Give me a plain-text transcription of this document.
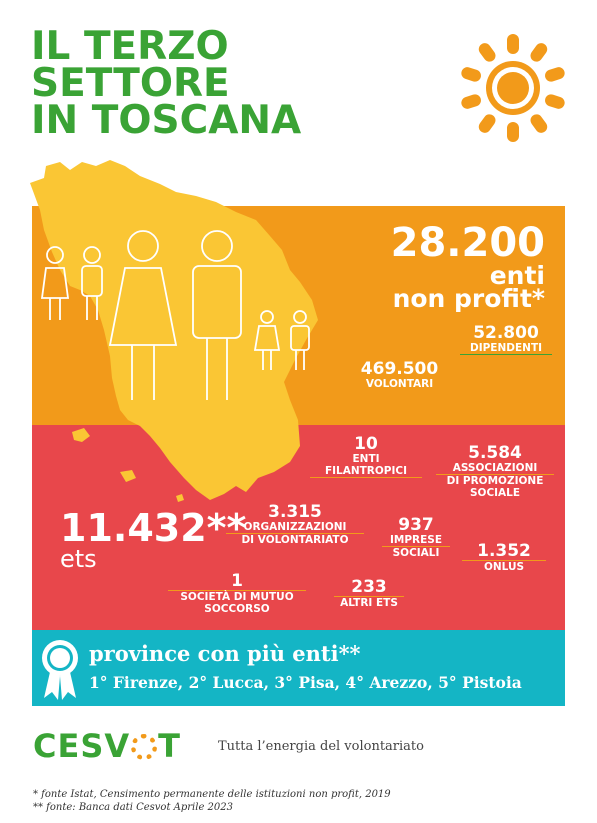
IL TERZO
SETTORE
IN TOSCANA
28.200
enti
non profit*
52.800
DIPENDENTI
469.500
VOLONTARI
10
ENTI
FILANTROPICI
5.584
ASSOCIAZIONI
DI PROMOZIONE
SOCIALE
11.432**
ets
3.315
ORGANIZZAZIONI
DI VOLONTARIATO
937
IMPRESE
SOCIALI	1.352
ONLUS
1
SOCIETÀ DI MUTUO
SOCCORSO
233
ALTRI ETS
province con più enti**
1° Firenze, 2° Lucca, 3° Pisa, 4° Arezzo, 5° Pistoia
CESV T	Tutta l’energia del volontariato
* fonte Istat, Censimento permanente delle istituzioni non profit, 2019
** fonte: Banca dati Cesvot Aprile 2023
